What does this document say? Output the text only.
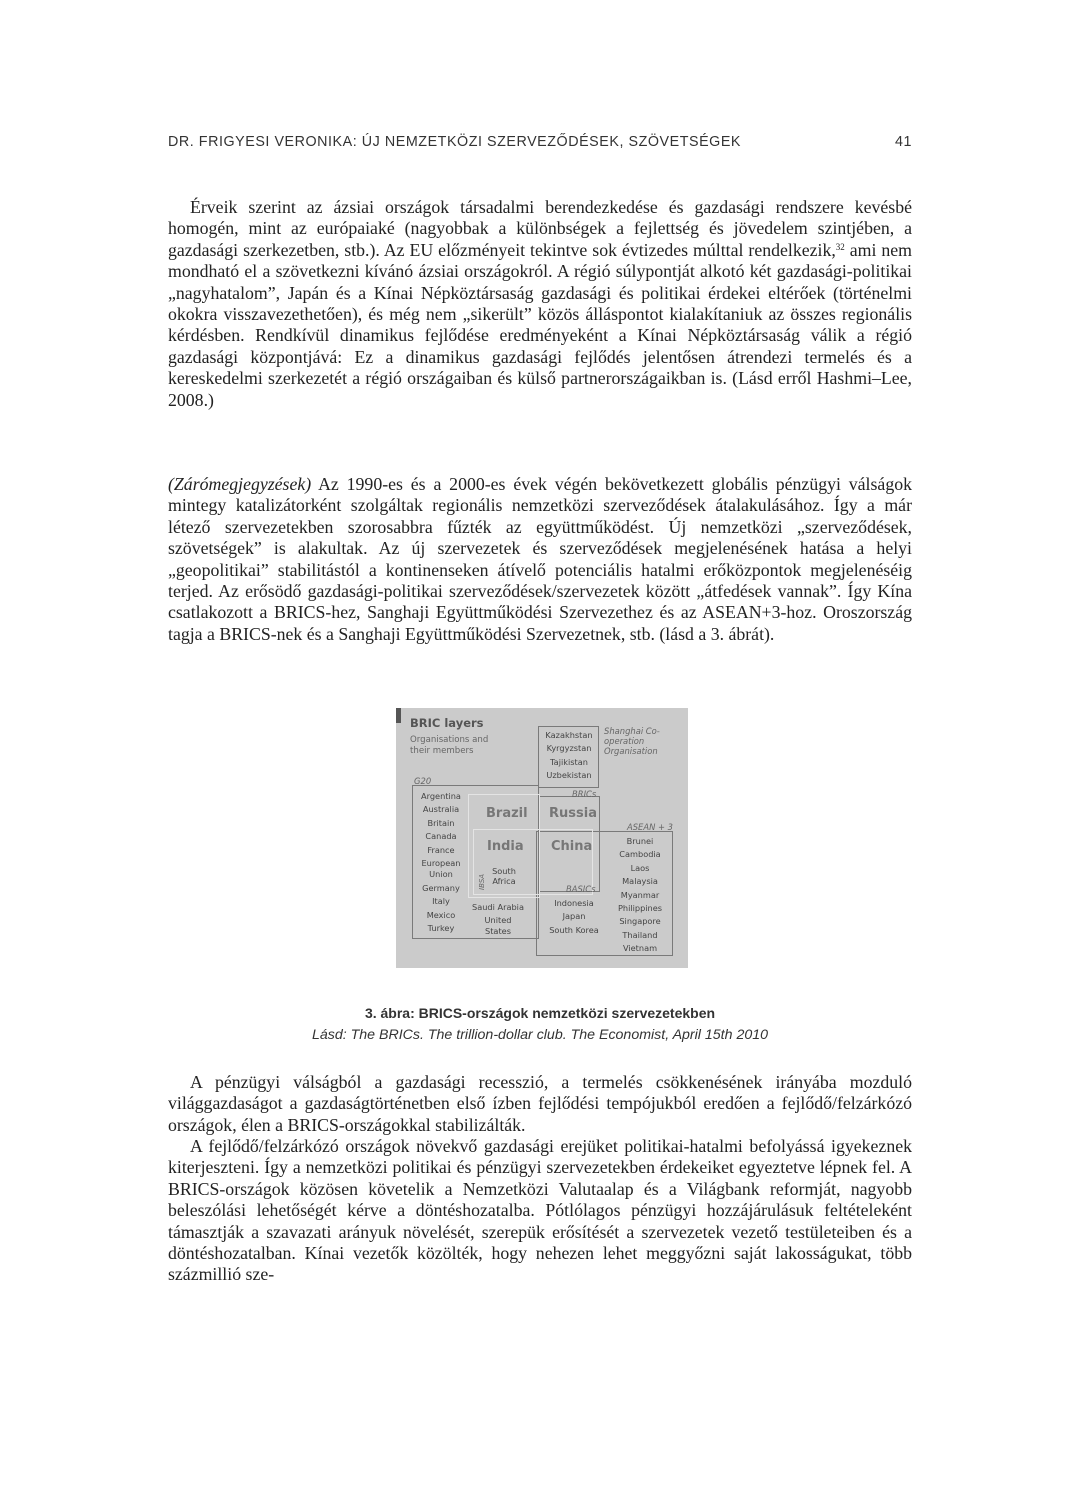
DR. FRIGYESI VERONIKA: ÚJ NEMZETKÖZI SZERVEZŐDÉSEK, SZÖVETSÉGEK	41

Érveik szerint az ázsiai országok társadalmi berendezkedése és gazdasági rendszere kevésbé homogén, mint az európaiaké (nagyobbak a különbségek a fejlettség és jövedelem szintjében, a gazdasági szerkezetben, stb.). Az EU előzményeit tekintve sok évtizedes múlttal rendelkezik,$^{32}$ ami nem mondható el a szövetkezni kívánó ázsiai országokról. A régió súlypontját alkotó két gazdasági-politikai „nagyhatalom”, Japán és a Kínai Népköztársaság gazdasági és politikai érdekei eltérőek (történelmi okokra visszavezethetően), és még nem „sikerült” közös álláspontot kialakítaniuk az összes regionális kérdésben. Rendkívül dinamikus fejlődése eredményeként a Kínai Népköztársaság válik a régió gazdasági központjává: Ez a dinamikus gazdasági fejlődés jelentősen átrendezi termelés és a kereskedelmi szerkezetét a régió országaiban és külső partnerországaikban is. (Lásd erről Hashmi–Lee, 2008.)

(Zárómegjegyzések) Az 1990-es és a 2000-es évek végén bekövetkezett globális pénzügyi válságok mintegy katalizátorként szolgáltak regionális nemzetközi szerveződések átalakulásához. Így a már létező szervezetekben szorosabbra fűzték az együttműködést. Új nemzetközi „szerveződések, szövetségek” is alakultak. Az új szervezetek és szerveződések megjelenésének hatása a helyi „geopolitikai” stabilitástól a kontinenseken átívelő potenciális hatalmi erőközpontok megjelenéséig terjed. Az erősödő gazdasági-politikai szerveződések/szervezetek között „átfedések vannak”. Így Kína csatlakozott a BRICS-hez, Sanghaji Együttműködési Szervezethez és az ASEAN+3-hoz. Oroszország tagja a BRICS-nek és a Sanghaji Együttműködési Szervezetnek, stb. (lásd a 3. ábrát).

BRIC layers
Organisations and their members
G20
BRICs
BASICs
ASEAN + 3
Shanghai Co-operation Organisation
IBSA
Argentina
Australia
Britain
Canada
France
European Union
Germany
Italy
Mexico
Turkey
Kazakhstan
Kyrgyzstan
Tajikistan
Uzbekistan
Brazil
India
Russia
China
South Africa
Saudi Arabia
United States
Indonesia
Japan
South Korea
Brunei
Cambodia
Laos
Malaysia
Myanmar
Philippines
Singapore
Thailand
Vietnam
3. ábra: BRICS-országok nemzetközi szervezetekben
Lásd: The BRICs. The trillion-dollar club. The Economist, April 15th 2010

A pénzügyi válságból a gazdasági recesszió, a termelés csökkenésének irányába mozduló világgazdaságot a gazdaságtörténetben első ízben fejlődési tempójukból eredően a fejlődő/felzárkózó országok, élen a BRICS-országokkal stabilizálták.

A fejlődő/felzárkózó országok növekvő gazdasági erejüket politikai-hatalmi befolyássá igyekeznek kiterjeszteni. Így a nemzetközi politikai és pénzügyi szervezetekben érdekeiket egyeztetve lépnek fel. A BRICS-országok közösen követelik a Nemzetközi Valutaalap és a Világbank reformját, nagyobb beleszólási lehetőségét kérve a döntéshozatalba. Pótlólagos pénzügyi hozzájárulásuk feltételeként támasztják a szavazati arányuk növelését, szerepük erősítését a szervezetek vezető testületeiben és a döntéshozatalban. Kínai vezetők közölték, hogy nehezen lehet meggyőzni saját lakosságukat, több százmillió sze-
